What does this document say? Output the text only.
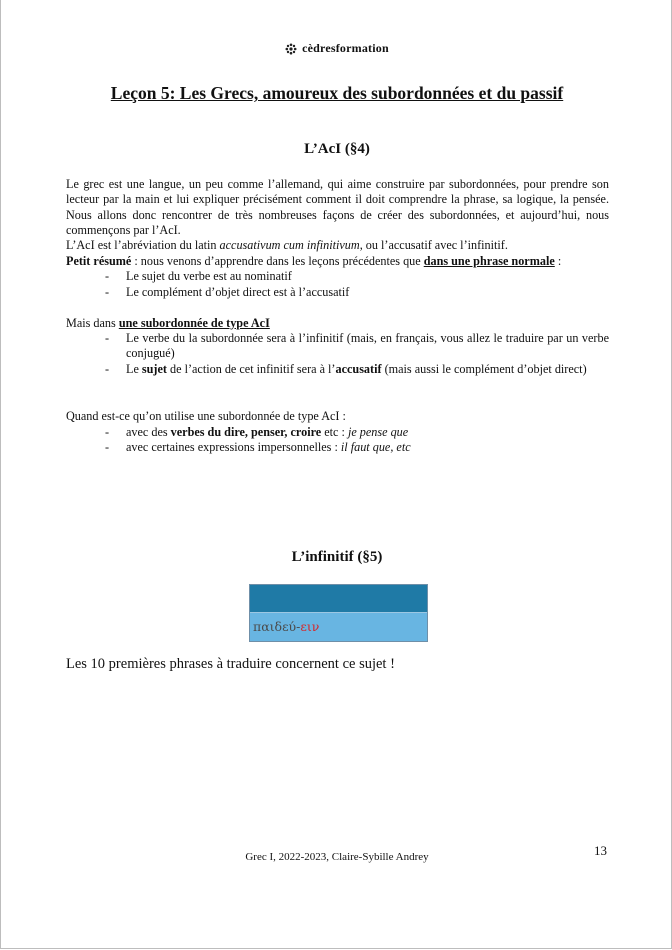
cèdresformation
Leçon 5: Les Grecs, amoureux des subordonnées et du passif
L’AcI (§4)
Le grec est une langue, un peu comme l’allemand, qui aime construire par subordonnées, pour prendre son lecteur par la main et lui expliquer précisément comment il doit comprendre la phrase, sa logique, la pensée. Nous allons donc rencontrer de très nombreuses façons de créer des subordonnées, et aujourd’hui, nous commençons par l’AcI.
L’AcI est l’abréviation du latin accusativum cum infinitivum, ou l’accusatif avec l’infinitif.
Petit résumé : nous venons d’apprendre dans les leçons précédentes que dans une phrase normale :
- Le sujet du verbe est au nominatif
- Le complément d’objet direct est à l’accusatif
Mais dans une subordonnée de type AcI
- Le verbe du la subordonnée sera à l’infinitif (mais, en français, vous allez le traduire par un verbe conjugué)
- Le sujet de l’action de cet infinitif sera à l’accusatif (mais aussi le complément d’objet direct)
Quand est-ce qu’on utilise une subordonnée de type AcI :
- avec des verbes du dire, penser, croire etc : je pense que
- avec certaines expressions impersonnelles : il faut que, etc
L’infinitif (§5)
παιδεύ-ειν
Les 10 premières phrases à traduire concernent ce sujet !
Grec I, 2022-2023, Claire-Sybille Andrey	13
